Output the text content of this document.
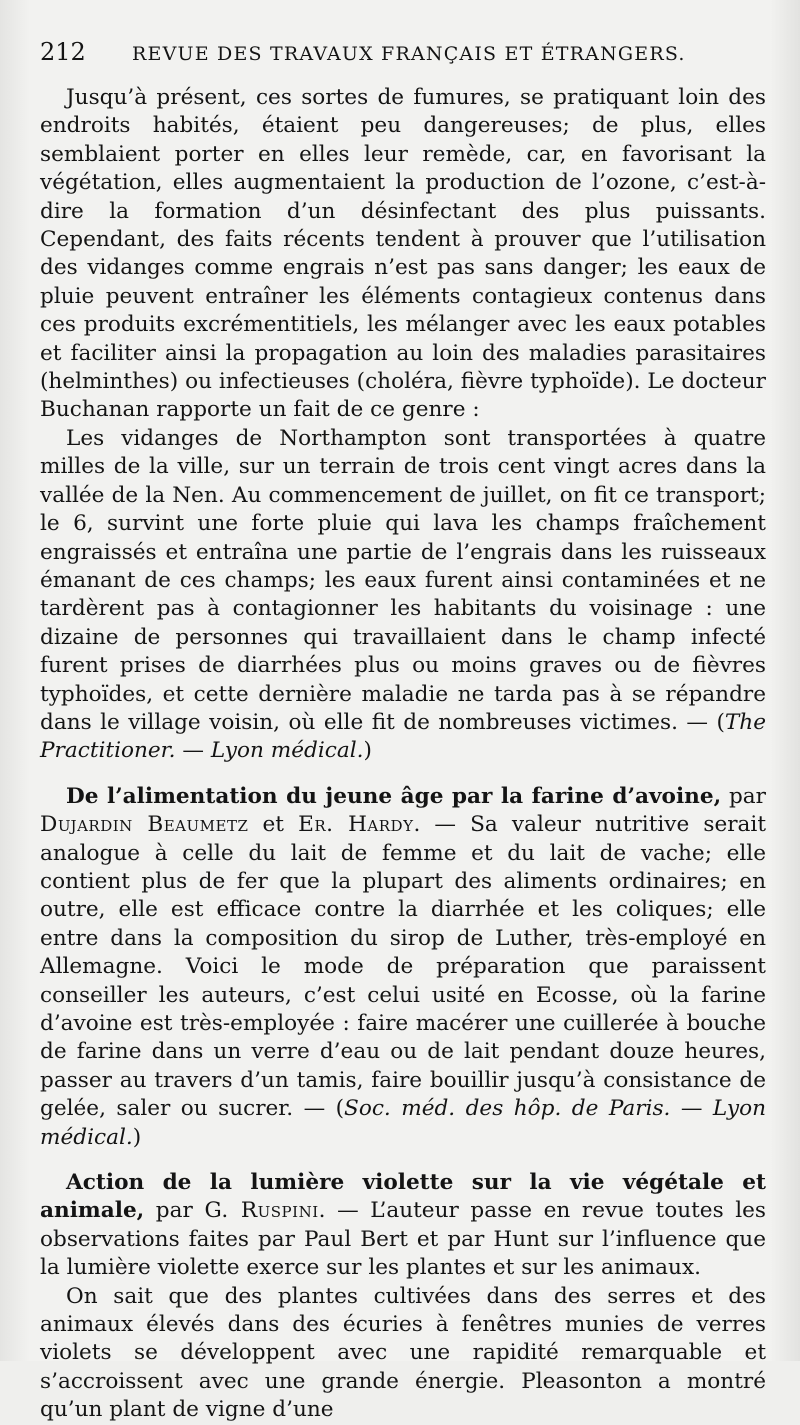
212	REVUE DES TRAVAUX FRANÇAIS ET ÉTRANGERS.

Jusqu’à présent, ces sortes de fumures, se pratiquant loin des endroits habités, étaient peu dangereuses; de plus, elles semblaient porter en elles leur remède, car, en favorisant la végétation, elles augmentaient la production de l’ozone, c’est-à-dire la formation d’un désinfectant des plus puissants. Cependant, des faits récents tendent à prouver que l’utilisation des vidanges comme engrais n’est pas sans danger; les eaux de pluie peuvent entraîner les éléments contagieux contenus dans ces produits excrémentitiels, les mélanger avec les eaux potables et faciliter ainsi la propagation au loin des maladies parasitaires (helminthes) ou infectieuses (choléra, fièvre typhoïde). Le docteur Buchanan rapporte un fait de ce genre :

Les vidanges de Northampton sont transportées à quatre milles de la ville, sur un terrain de trois cent vingt acres dans la vallée de la Nen. Au commencement de juillet, on fit ce transport; le 6, survint une forte pluie qui lava les champs fraîchement engraissés et entraîna une partie de l’engrais dans les ruisseaux émanant de ces champs; les eaux furent ainsi contaminées et ne tardèrent pas à contagionner les habitants du voisinage : une dizaine de personnes qui travaillaient dans le champ infecté furent prises de diarrhées plus ou moins graves ou de fièvres typhoïdes, et cette dernière maladie ne tarda pas à se répandre dans le village voisin, où elle fit de nombreuses victimes. — (The Practitioner. — Lyon médical.)

De l’alimentation du jeune âge par la farine d’avoine, par Dujardin Beaumetz et Er. Hardy. — Sa valeur nutritive serait analogue à celle du lait de femme et du lait de vache; elle contient plus de fer que la plupart des aliments ordinaires; en outre, elle est efficace contre la diarrhée et les coliques; elle entre dans la composition du sirop de Luther, très-employé en Allemagne. Voici le mode de préparation que paraissent conseiller les auteurs, c’est celui usité en Ecosse, où la farine d’avoine est très-employée : faire macérer une cuillerée à bouche de farine dans un verre d’eau ou de lait pendant douze heures, passer au travers d’un tamis, faire bouillir jusqu’à consistance de gelée, saler ou sucrer. — (Soc. méd. des hôp. de Paris. — Lyon médical.)

Action de la lumière violette sur la vie végétale et animale, par G. Ruspini. — L’auteur passe en revue toutes les observations faites par Paul Bert et par Hunt sur l’influence que la lumière violette exerce sur les plantes et sur les animaux.

On sait que des plantes cultivées dans des serres et des animaux élevés dans des écuries à fenêtres munies de verres violets se développent avec une rapidité remarquable et s’accroissent avec une grande énergie. Pleasonton a montré qu’un plant de vigne d’une
